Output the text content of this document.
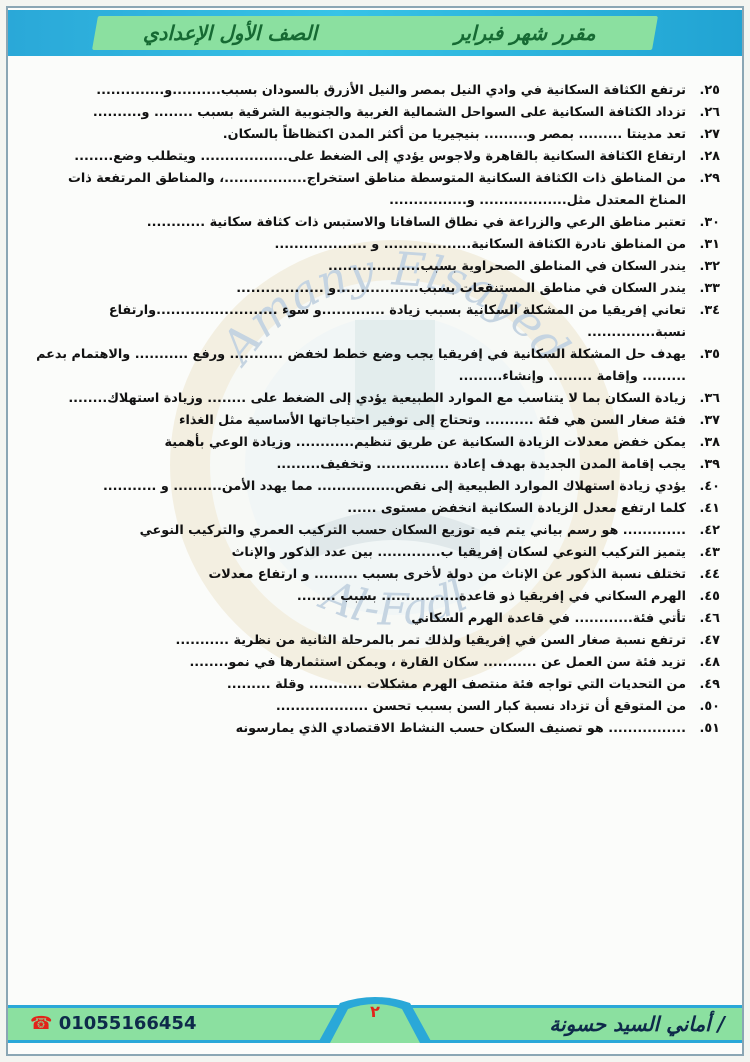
الصف الأول الإعدادي	مقرر شهر فبراير
Amany Elsayed
Al-Fadl
٢٥.
ترتفع الكثافة السكانية في وادي النيل بمصر والنيل الأزرق بالسودان بسبب..........و..............
٢٦.
تزداد الكثافة السكانية على السواحل الشمالية الغربية والجنوبية الشرقية بسبب ........ و..........
٢٧.
تعد مدينتا ......... بمصر و......... بنيجيريا من أكثر المدن اكتظاظاً بالسكان.
٢٨.
ارتفاع الكثافة السكانية بالقاهرة ولاجوس يؤدي إلى الضغط على.................. ويتطلب وضع........
٢٩.
من المناطق ذات الكثافة السكانية المتوسطة مناطق استخراج.................، والمناطق المرتفعة ذات المناخ المعتدل مثل.................. و................
٣٠.
تعتبر مناطق الرعي والزراعة في نطاق السافانا والاستبس ذات كثافة سكانية ............
٣١.
من المناطق نادرة الكثافة السكانية.................. و ...................
٣٢.
يندر السكان في المناطق الصحراوية بسبب...................
٣٣.
يندر السكان في مناطق المستنقعات بسبب.................و ..................
٣٤.
تعاني إفريقيا من المشكلة السكانية بسبب زيادة .............و سوء .........................وارتفاع نسبة..............
٣٥.
يهدف حل المشكلة السكانية في إفريقيا يجب وضع خطط لخفض ........... ورفع ........... والاهتمام بدعم ......... وإقامة ......... وإنشاء.........
٣٦.
زيادة السكان بما لا يتناسب مع الموارد الطبيعية يؤدي إلى الضغط على ........ وزيادة استهلاك........
٣٧.
فئة صغار السن هي فئة .......... وتحتاج إلى توفير احتياجاتها الأساسية مثل الغذاء
٣٨.
يمكن خفض معدلات الزيادة السكانية عن طريق تنظيم............ وزيادة الوعي بأهمية
٣٩.
يجب إقامة المدن الجديدة بهدف إعادة ............... وتخفيف.........
٤٠.
يؤدي زيادة استهلاك الموارد الطبيعية إلى نقص................ مما يهدد الأمن.......... و ...........
٤١.
كلما ارتفع معدل الزيادة السكانية انخفض مستوى ......
٤٢.
............. هو رسم بياني يتم فيه توزيع السكان حسب التركيب العمري والتركيب النوعي
٤٣.
يتميز التركيب النوعي لسكان إفريقيا ب............. بين عدد الذكور والإناث
٤٤.
تختلف نسبة الذكور عن الإناث من دولة لأخرى بسبب ......... و ارتفاع معدلات
٤٥.
الهرم السكاني في إفريقيا ذو قاعدة................ بسبب ........
٤٦.
تأتي فئة............ في قاعدة الهرم السكاني
٤٧.
ترتفع نسبة صغار السن في إفريقيا ولذلك تمر بالمرحلة الثانية من نظرية ...........
٤٨.
تزيد فئة سن العمل عن ........... سكان القارة ، ويمكن استثمارها في نمو........
٤٩.
من التحديات التي تواجه فئة منتصف الهرم مشكلات ........... وقلة .........
٥٠.
من المتوقع أن تزداد نسبة كبار السن بسبب تحسن ...................
٥١.
................ هو تصنيف السكان حسب النشاط الاقتصادي الذي يمارسونه
٢
☎ 01055166454	/ أماني السيد حسونة
